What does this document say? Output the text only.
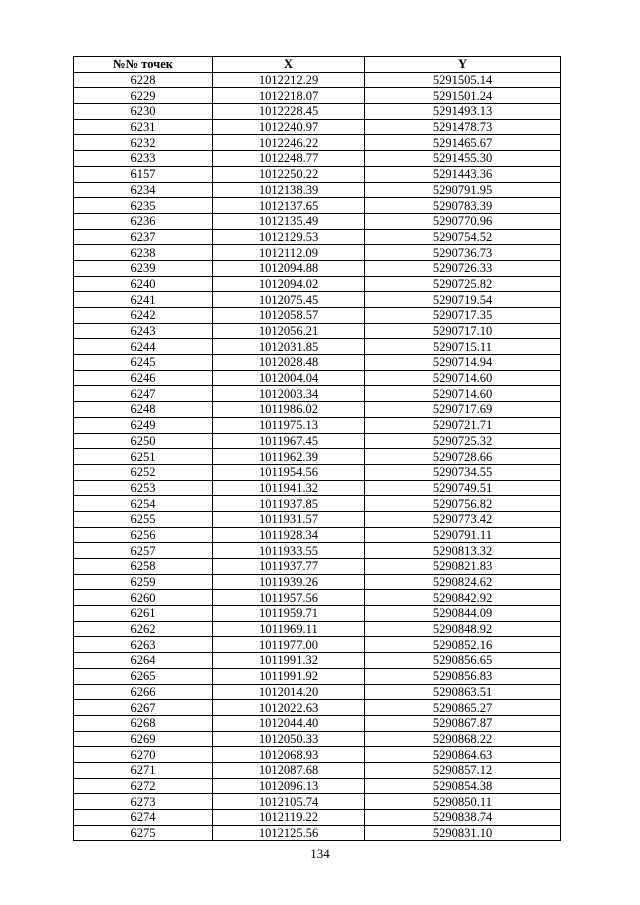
№№ точек	X	Y
6228	1012212.29	5291505.14
6229	1012218.07	5291501.24
6230	1012228.45	5291493.13
6231	1012240.97	5291478.73
6232	1012246.22	5291465.67
6233	1012248.77	5291455.30
6157	1012250.22	5291443.36
6234	1012138.39	5290791.95
6235	1012137.65	5290783.39
6236	1012135.49	5290770.96
6237	1012129.53	5290754.52
6238	1012112.09	5290736.73
6239	1012094.88	5290726.33
6240	1012094.02	5290725.82
6241	1012075.45	5290719.54
6242	1012058.57	5290717.35
6243	1012056.21	5290717.10
6244	1012031.85	5290715.11
6245	1012028.48	5290714.94
6246	1012004.04	5290714.60
6247	1012003.34	5290714.60
6248	1011986.02	5290717.69
6249	1011975.13	5290721.71
6250	1011967.45	5290725.32
6251	1011962.39	5290728.66
6252	1011954.56	5290734.55
6253	1011941.32	5290749.51
6254	1011937.85	5290756.82
6255	1011931.57	5290773.42
6256	1011928.34	5290791.11
6257	1011933.55	5290813.32
6258	1011937.77	5290821.83
6259	1011939.26	5290824.62
6260	1011957.56	5290842.92
6261	1011959.71	5290844.09
6262	1011969.11	5290848.92
6263	1011977.00	5290852.16
6264	1011991.32	5290856.65
6265	1011991.92	5290856.83
6266	1012014.20	5290863.51
6267	1012022.63	5290865.27
6268	1012044.40	5290867.87
6269	1012050.33	5290868.22
6270	1012068.93	5290864.63
6271	1012087.68	5290857.12
6272	1012096.13	5290854.38
6273	1012105.74	5290850.11
6274	1012119.22	5290838.74
6275	1012125.56	5290831.10
134
